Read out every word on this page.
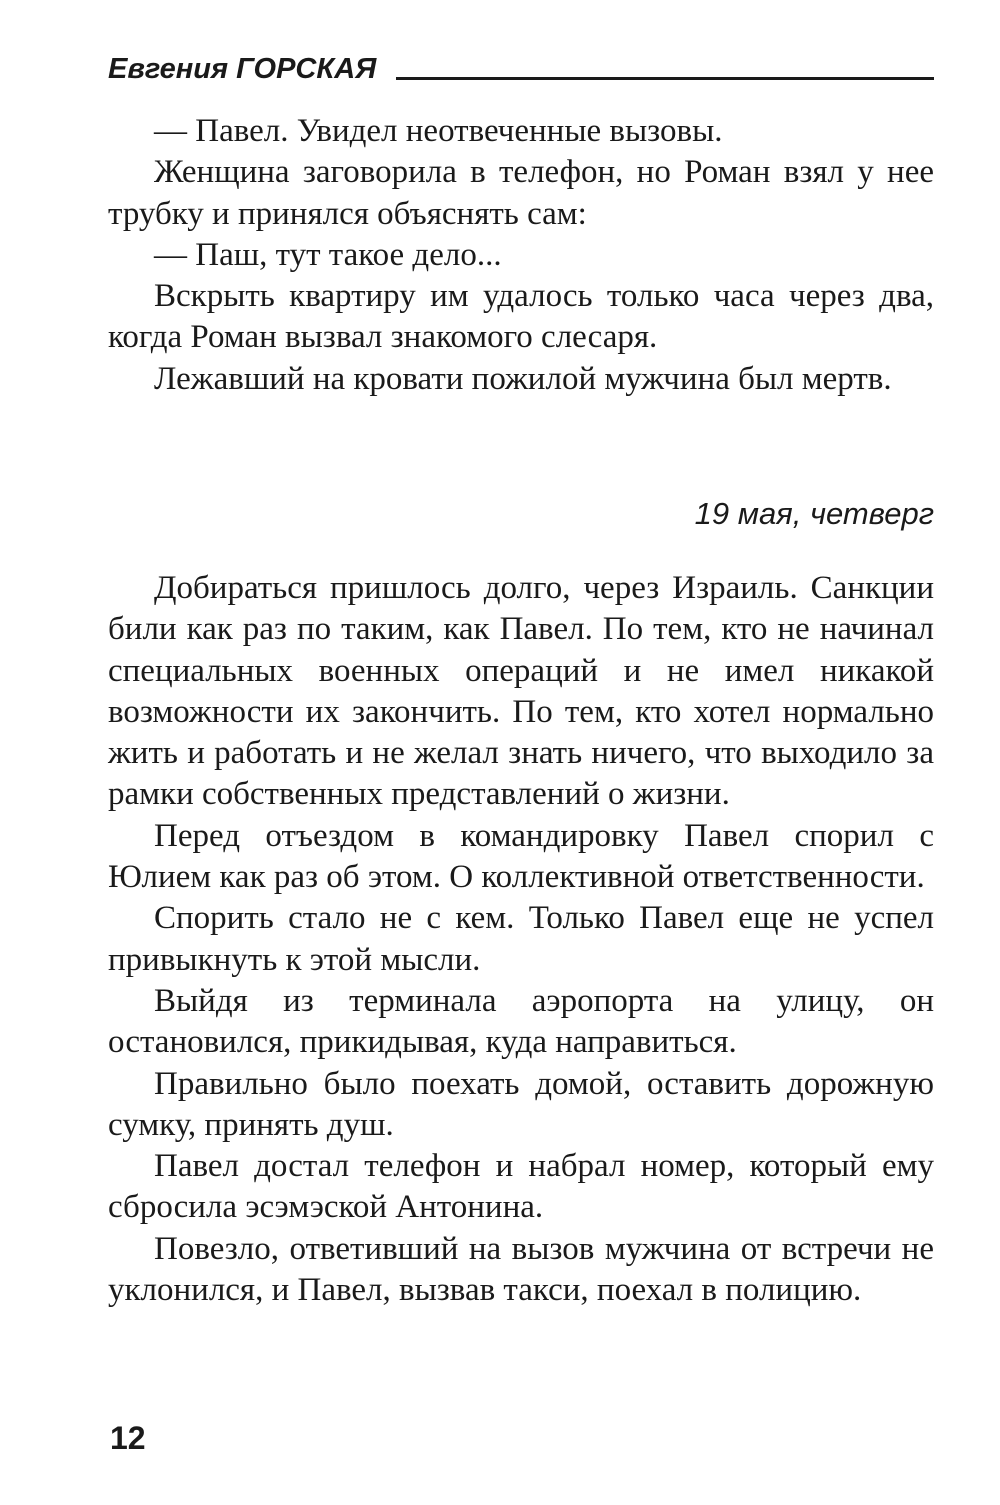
Евгения ГОРСКАЯ

— Павел. Увидел неотвеченные вызовы.

Женщина заговорила в телефон, но Роман взял у нее трубку и принялся объяснять сам:

— Паш, тут такое дело...

Вскрыть квартиру им удалось только часа через два, когда Роман вызвал знакомого слесаря.

Лежавший на кровати пожилой мужчина был мертв.

19 мая, четверг

Добираться пришлось долго, через Израиль. Санкции били как раз по таким, как Павел. По тем, кто не начинал специальных военных операций и не имел никакой возможности их закончить. По тем, кто хотел нормально жить и работать и не желал знать ничего, что выходило за рамки собственных представлений о жизни.

Перед отъездом в командировку Павел спорил с Юлием как раз об этом. О коллективной ответственности.

Спорить стало не с кем. Только Павел еще не успел привыкнуть к этой мысли.

Выйдя из терминала аэропорта на улицу, он остановился, прикидывая, куда направиться.

Правильно было поехать домой, оставить дорожную сумку, принять душ.

Павел достал телефон и набрал номер, который ему сбросила эсэмэской Антонина.

Повезло, ответивший на вызов мужчина от встречи не уклонился, и Павел, вызвав такси, поехал в полицию.

12
